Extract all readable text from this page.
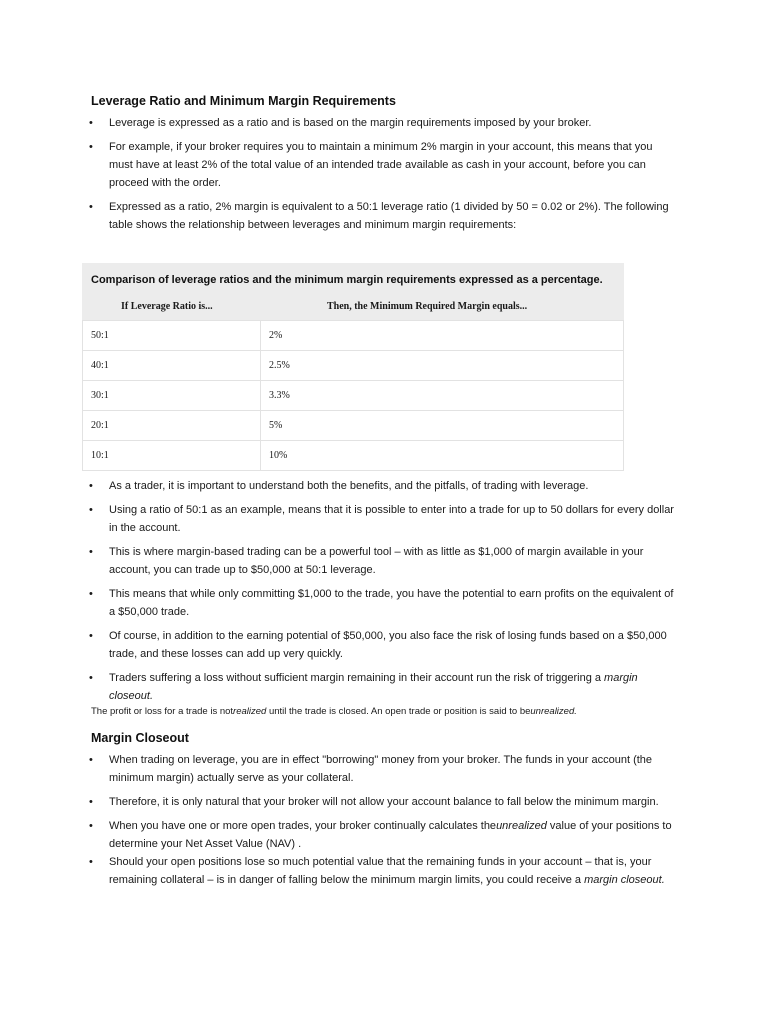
Leverage Ratio and Minimum Margin Requirements
• Leverage is expressed as a ratio and is based on the margin requirements imposed by your broker.
• For example, if your broker requires you to maintain a minimum 2% margin in your account, this means that you must have at least 2% of the total value of an intended trade available as cash in your account, before you can proceed with the order.
• Expressed as a ratio, 2% margin is equivalent to a 50:1 leverage ratio (1 divided by 50 = 0.02 or 2%). The following table shows the relationship between leverages and minimum margin requirements:
Comparison of leverage ratios and the minimum margin requirements expressed as a percentage.
If Leverage Ratio is...	Then, the Minimum Required Margin equals...
50:1	2%
40:1	2.5%
30:1	3.3%
20:1	5%
10:1	10%
• As a trader, it is important to understand both the benefits, and the pitfalls, of trading with leverage.
• Using a ratio of 50:1 as an example, means that it is possible to enter into a trade for up to 50 dollars for every dollar in the account.
• This is where margin-based trading can be a powerful tool – with as little as $1,000 of margin available in your account, you can trade up to $50,000 at 50:1 leverage.
• This means that while only committing $1,000 to the trade, you have the potential to earn profits on the equivalent of a $50,000 trade.
• Of course, in addition to the earning potential of $50,000, you also face the risk of losing funds based on a $50,000 trade, and these losses can add up very quickly.
• Traders suffering a loss without sufficient margin remaining in their account run the risk of triggering a margin closeout.
The profit or loss for a trade is notrealized until the trade is closed. An open trade or position is said to beunrealized.
Margin Closeout
• When trading on leverage, you are in effect "borrowing" money from your broker. The funds in your account (the minimum margin) actually serve as your collateral.
• Therefore, it is only natural that your broker will not allow your account balance to fall below the minimum margin.
• When you have one or more open trades, your broker continually calculates theunrealized value of your positions to determine your Net Asset Value (NAV) .
• Should your open positions lose so much potential value that the remaining funds in your account – that is, your remaining collateral – is in danger of falling below the minimum margin limits, you could receive a margin closeout.
